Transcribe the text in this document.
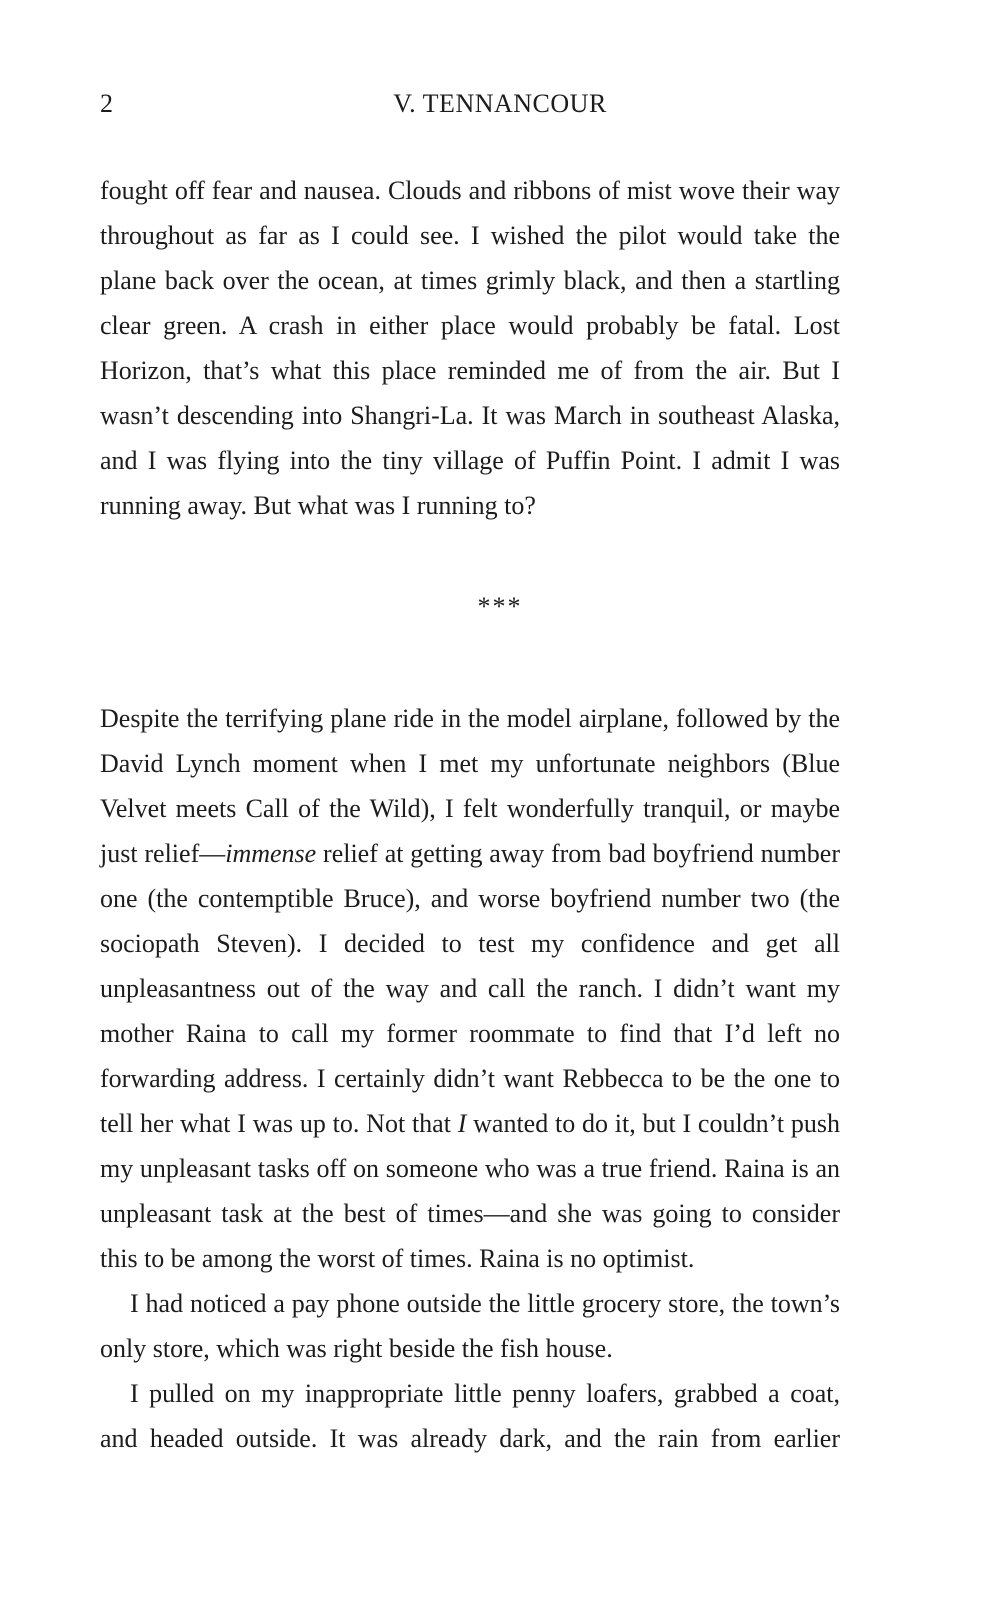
2	V. TENNANCOUR

fought off fear and nausea. Clouds and ribbons of mist wove their way throughout as far as I could see. I wished the pilot would take the plane back over the ocean, at times grimly black, and then a startling clear green. A crash in either place would probably be fatal. Lost Horizon, that’s what this place reminded me of from the air. But I wasn’t descending into Shangri-La. It was March in southeast Alaska, and I was flying into the tiny village of Puffin Point. I admit I was running away. But what was I running to?

***

Despite the terrifying plane ride in the model airplane, followed by the David Lynch moment when I met my unfortunate neighbors (Blue Velvet meets Call of the Wild), I felt wonderfully tranquil, or maybe just relief—immense relief at getting away from bad boyfriend number one (the contemptible Bruce), and worse boyfriend number two (the sociopath Steven). I decided to test my confidence and get all unpleasantness out of the way and call the ranch. I didn’t want my mother Raina to call my former roommate to find that I’d left no forwarding address. I certainly didn’t want Rebbecca to be the one to tell her what I was up to. Not that I wanted to do it, but I couldn’t push my unpleasant tasks off on someone who was a true friend. Raina is an unpleasant task at the best of times—and she was going to consider this to be among the worst of times. Raina is no optimist.

I had noticed a pay phone outside the little grocery store, the town’s only store, which was right beside the fish house.

I pulled on my inappropriate little penny loafers, grabbed a coat, and headed outside. It was already dark, and the rain from earlier
